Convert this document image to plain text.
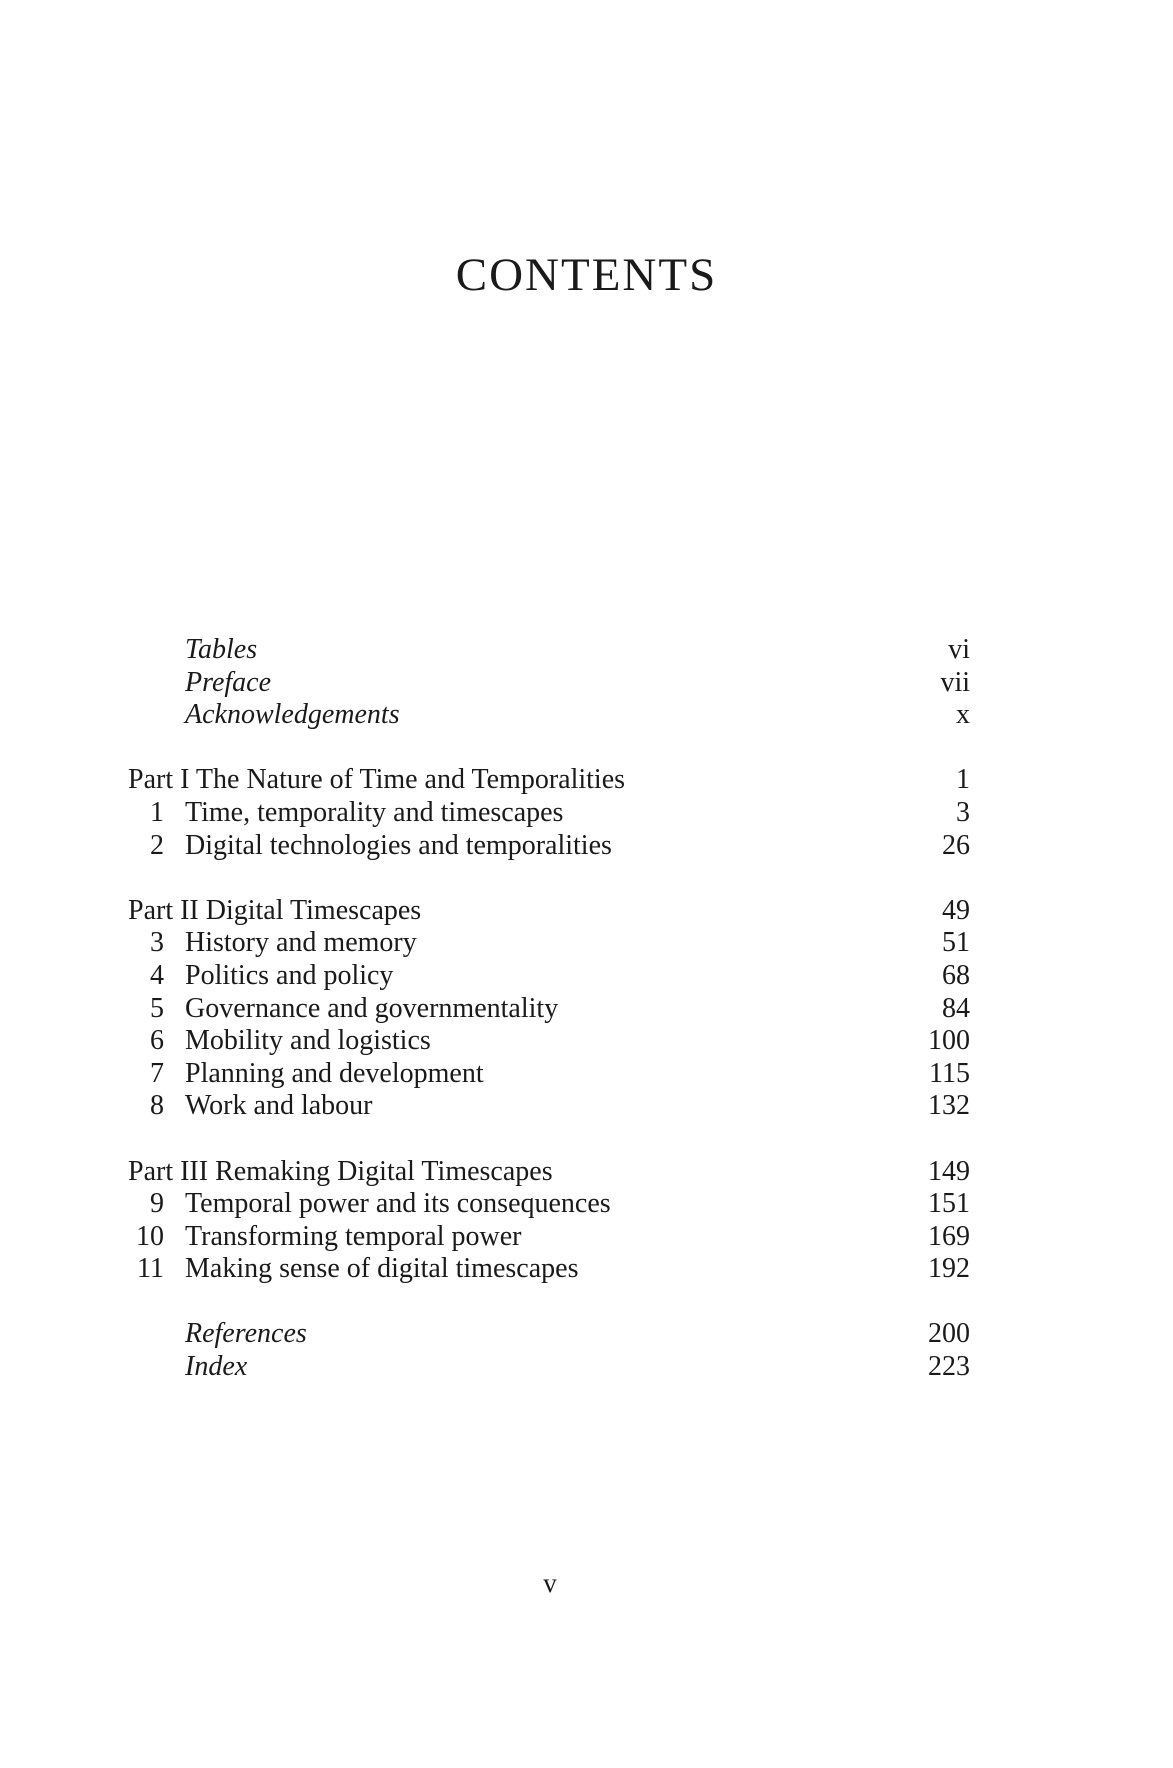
CONTENTS
Tables	vi
Preface	vii
Acknowledgements	x
Part I The Nature of Time and Temporalities	1
1 Time, temporality and timescapes	3
2 Digital technologies and temporalities	26
Part II Digital Timescapes	49
3 History and memory	51
4 Politics and policy	68
5 Governance and governmentality	84
6 Mobility and logistics	100
7 Planning and development	115
8 Work and labour	132
Part III Remaking Digital Timescapes	149
9 Temporal power and its consequences	151
10 Transforming temporal power	169
11 Making sense of digital timescapes	192
References	200
Index	223
v
